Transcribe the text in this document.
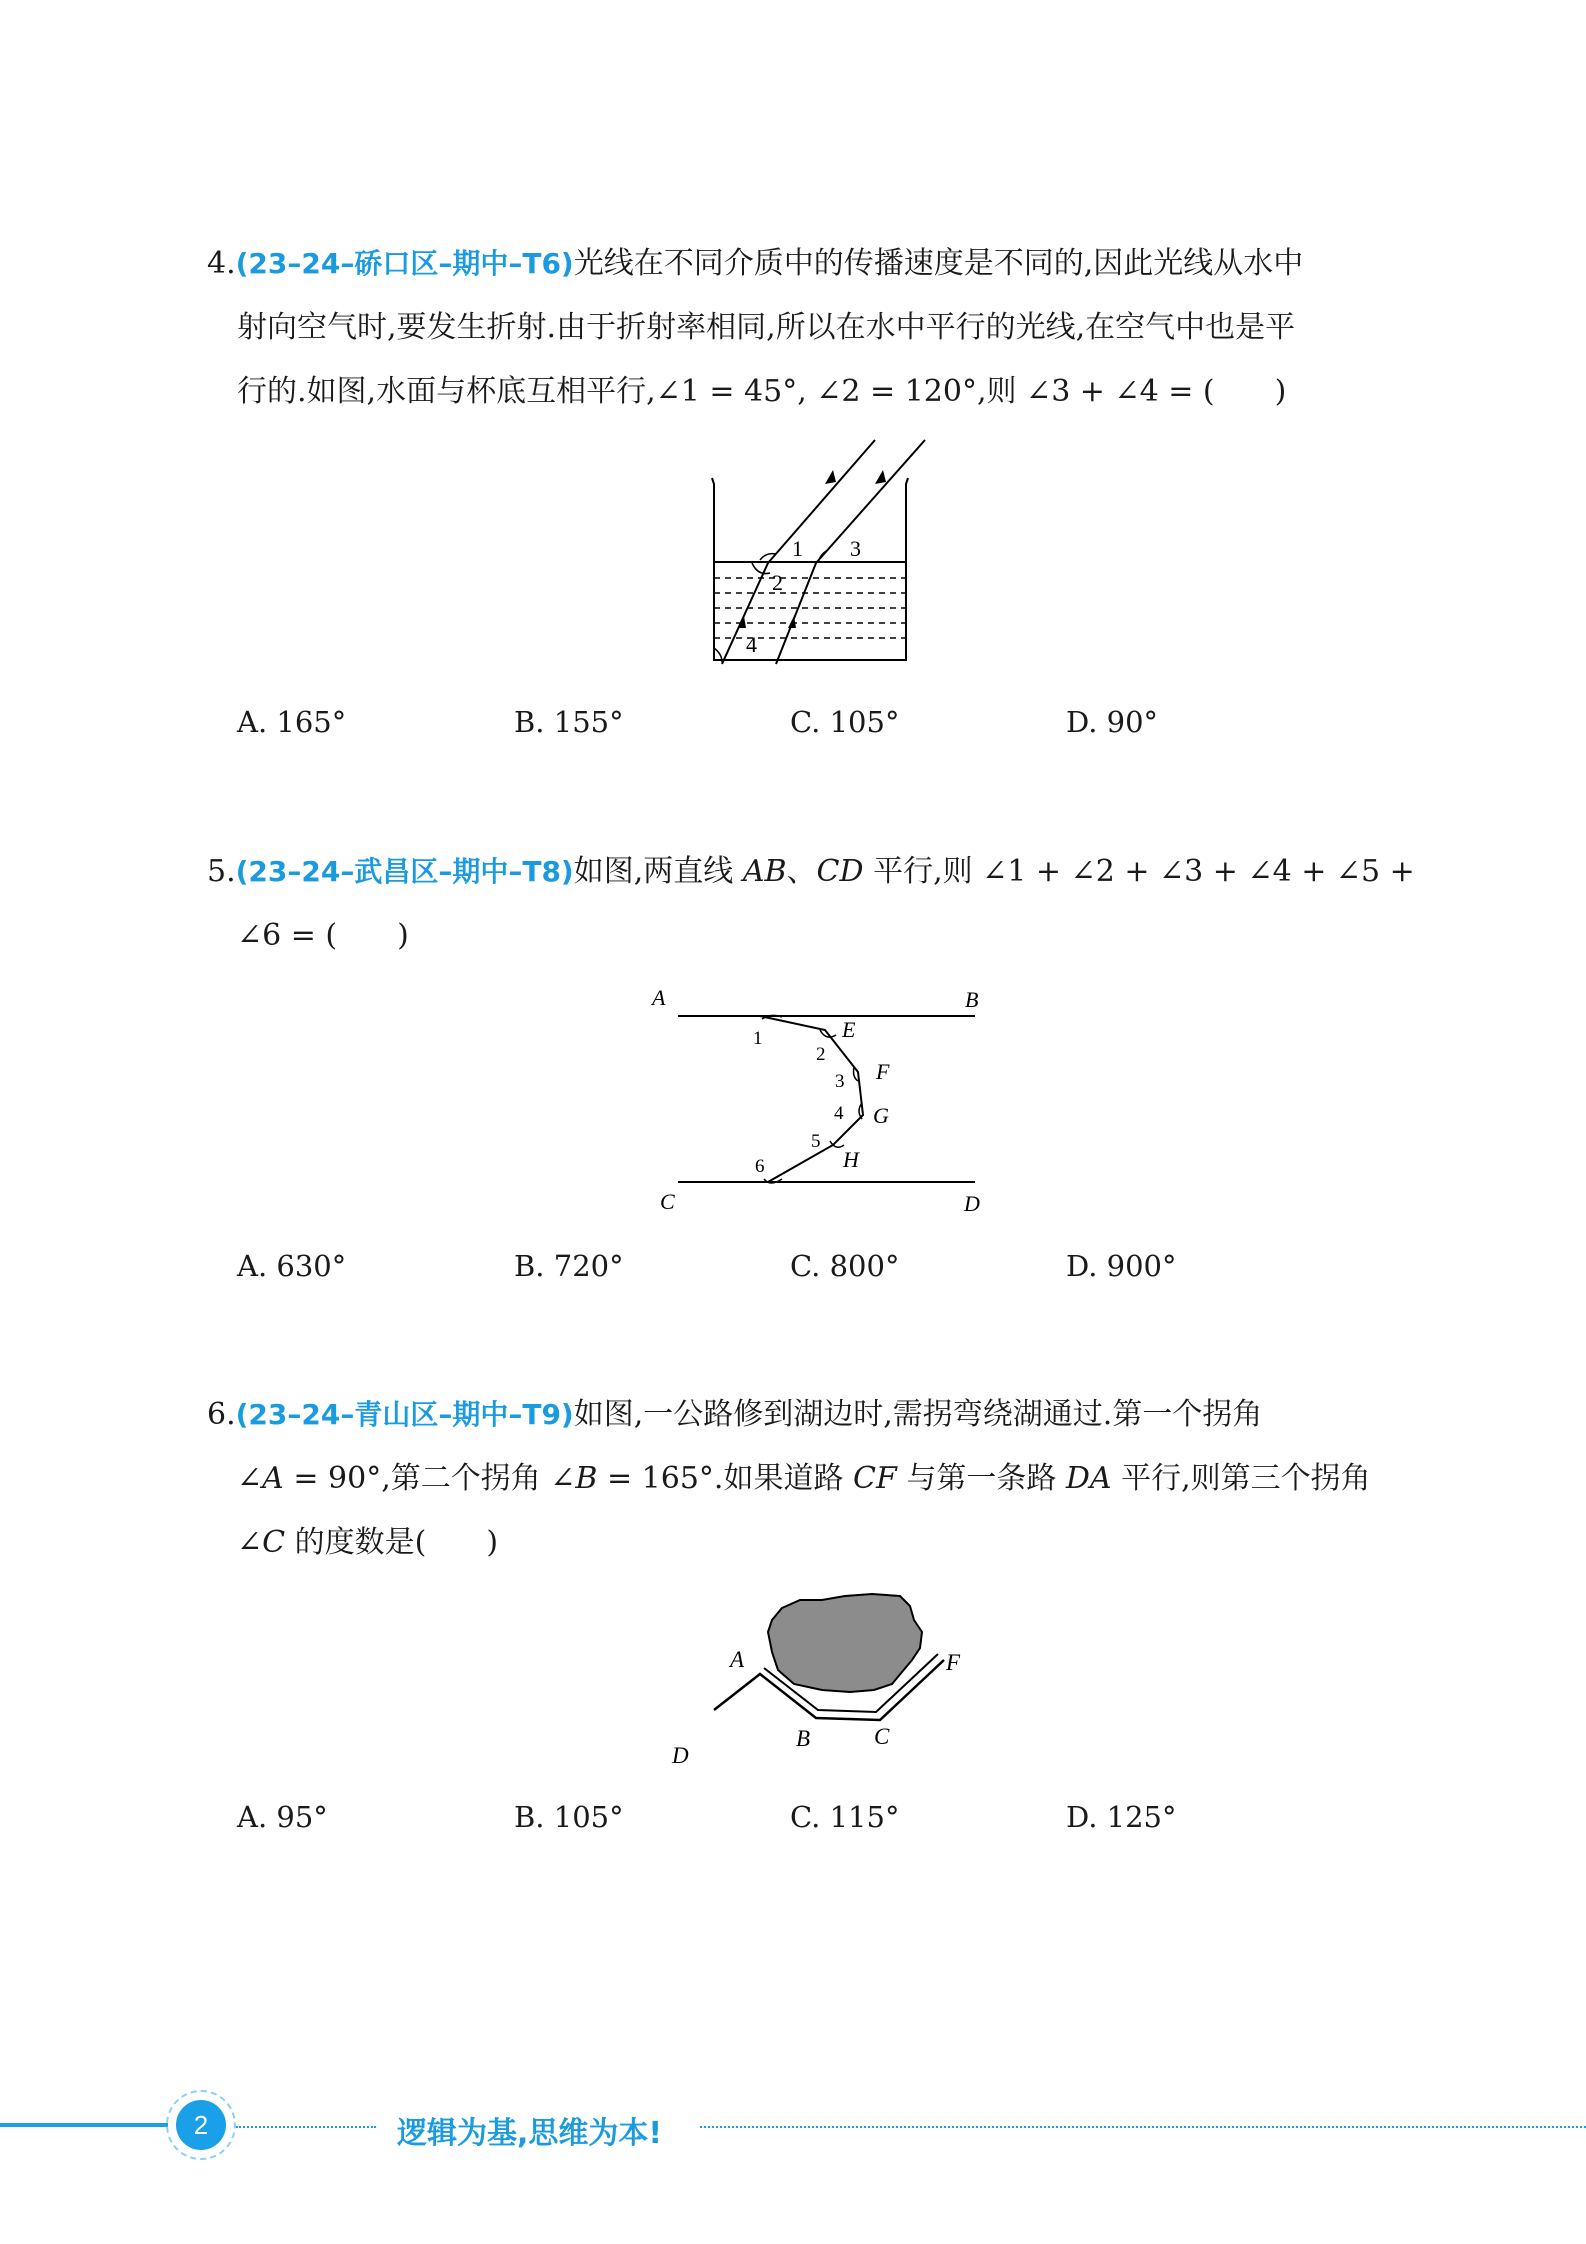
4.(23–24–硚口区–期中–T6)光线在不同介质中的传播速度是不同的,因此光线从水中

射向空气时,要发生折射.由于折射率相同,所以在水中平行的光线,在空气中也是平

行的.如图,水面与杯底互相平行,∠1 = 45°, ∠2 = 120°,则 ∠3 + ∠4 = (　　)

1
2
3
4
A. 165°	B. 155°	C. 105°	D. 90°

5.(23–24–武昌区–期中–T8)如图,两直线 AB、CD 平行,则 ∠1 + ∠2 + ∠3 + ∠4 + ∠5 +

∠6 = (　　)

A	B
C	D
E
F
G
H
1
2
3
4
5
6
A. 630°	B. 720°	C. 800°	D. 900°

6.(23–24–青山区–期中–T9)如图,一公路修到湖边时,需拐弯绕湖通过.第一个拐角

∠A = 90°,第二个拐角 ∠B = 165°.如果道路 CF 与第一条路 DA 平行,则第三个拐角

∠C 的度数是(　　)

A
B	C
D
F
A. 95°	B. 105°	C. 115°	D. 125°
2	逻辑为基,思维为本!
